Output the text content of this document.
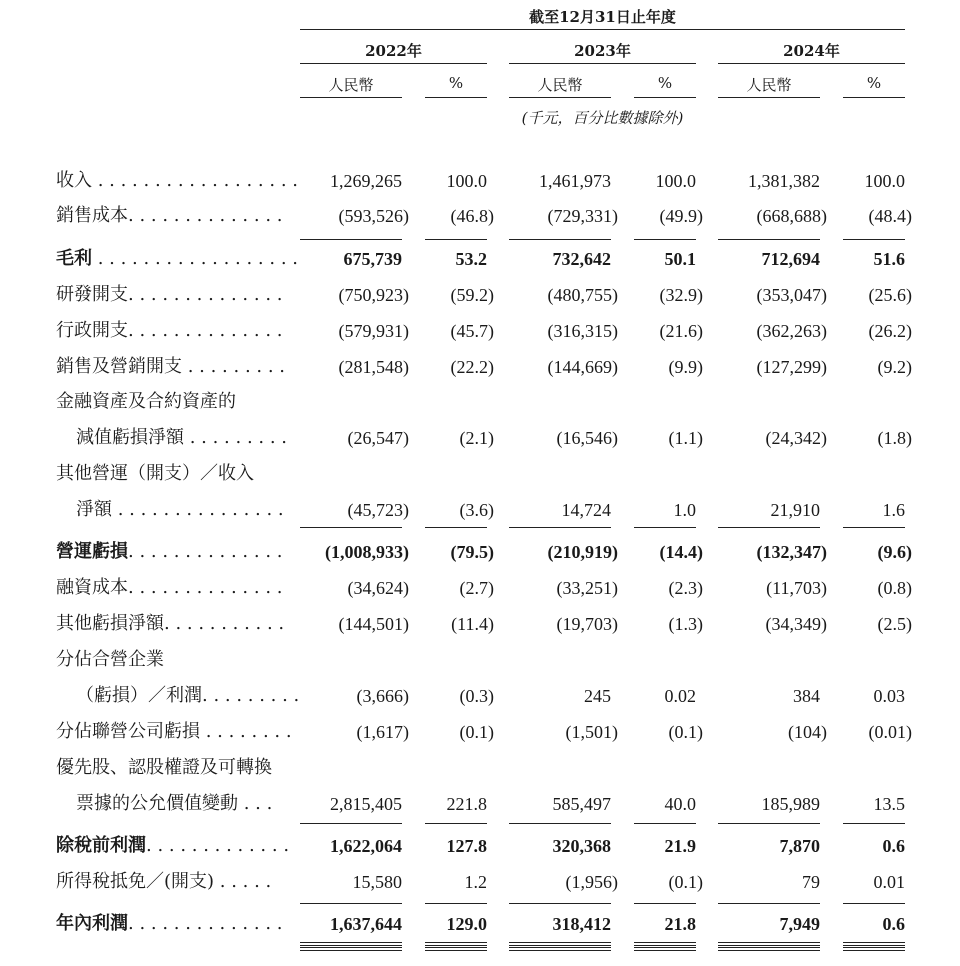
截至12月31日止年度
2022年	2023年	2024年
人民幣	%	人民幣	%	人民幣	%
(千元，百分比數據除外)
收入 . . . . . . . . . . . . . . . . . .	1,269,265	100.0	1,461,973	100.0	1,381,382	100.0
銷售成本. . . . . . . . . . . . . .	(593,526)	(46.8)	(729,331)	(49.9)	(668,688)	(48.4)
毛利 . . . . . . . . . . . . . . . . . .	675,739	53.2	732,642	50.1	712,694	51.6
研發開支. . . . . . . . . . . . . .	(750,923)	(59.2)	(480,755)	(32.9)	(353,047)	(25.6)
行政開支. . . . . . . . . . . . . .	(579,931)	(45.7)	(316,315)	(21.6)	(362,263)	(26.2)
銷售及營銷開支 . . . . . . . . .	(281,548)	(22.2)	(144,669)	(9.9)	(127,299)	(9.2)
金融資產及合約資產的
減值虧損淨額 . . . . . . . . .	(26,547)	(2.1)	(16,546)	(1.1)	(24,342)	(1.8)
其他營運（開支）／收入
淨額 . . . . . . . . . . . . . . .	(45,723)	(3.6)	14,724	1.0	21,910	1.6
營運虧損. . . . . . . . . . . . . .	(1,008,933)	(79.5)	(210,919)	(14.4)	(132,347)	(9.6)
融資成本. . . . . . . . . . . . . .	(34,624)	(2.7)	(33,251)	(2.3)	(11,703)	(0.8)
其他虧損淨額. . . . . . . . . . .	(144,501)	(11.4)	(19,703)	(1.3)	(34,349)	(2.5)
分佔合營企業
（虧損）／利潤. . . . . . . . .	(3,666)	(0.3)	245	0.02	384	0.03
分佔聯營公司虧損 . . . . . . . .	(1,617)	(0.1)	(1,501)	(0.1)	(104)	(0.01)
優先股、認股權證及可轉換
票據的公允價值變動 . . .	2,815,405	221.8	585,497	40.0	185,989	13.5
除稅前利潤. . . . . . . . . . . . .	1,622,064	127.8	320,368	21.9	7,870	0.6
所得稅抵免／(開支) . . . . .	15,580	1.2	(1,956)	(0.1)	79	0.01
年內利潤. . . . . . . . . . . . . .	1,637,644	129.0	318,412	21.8	7,949	0.6
